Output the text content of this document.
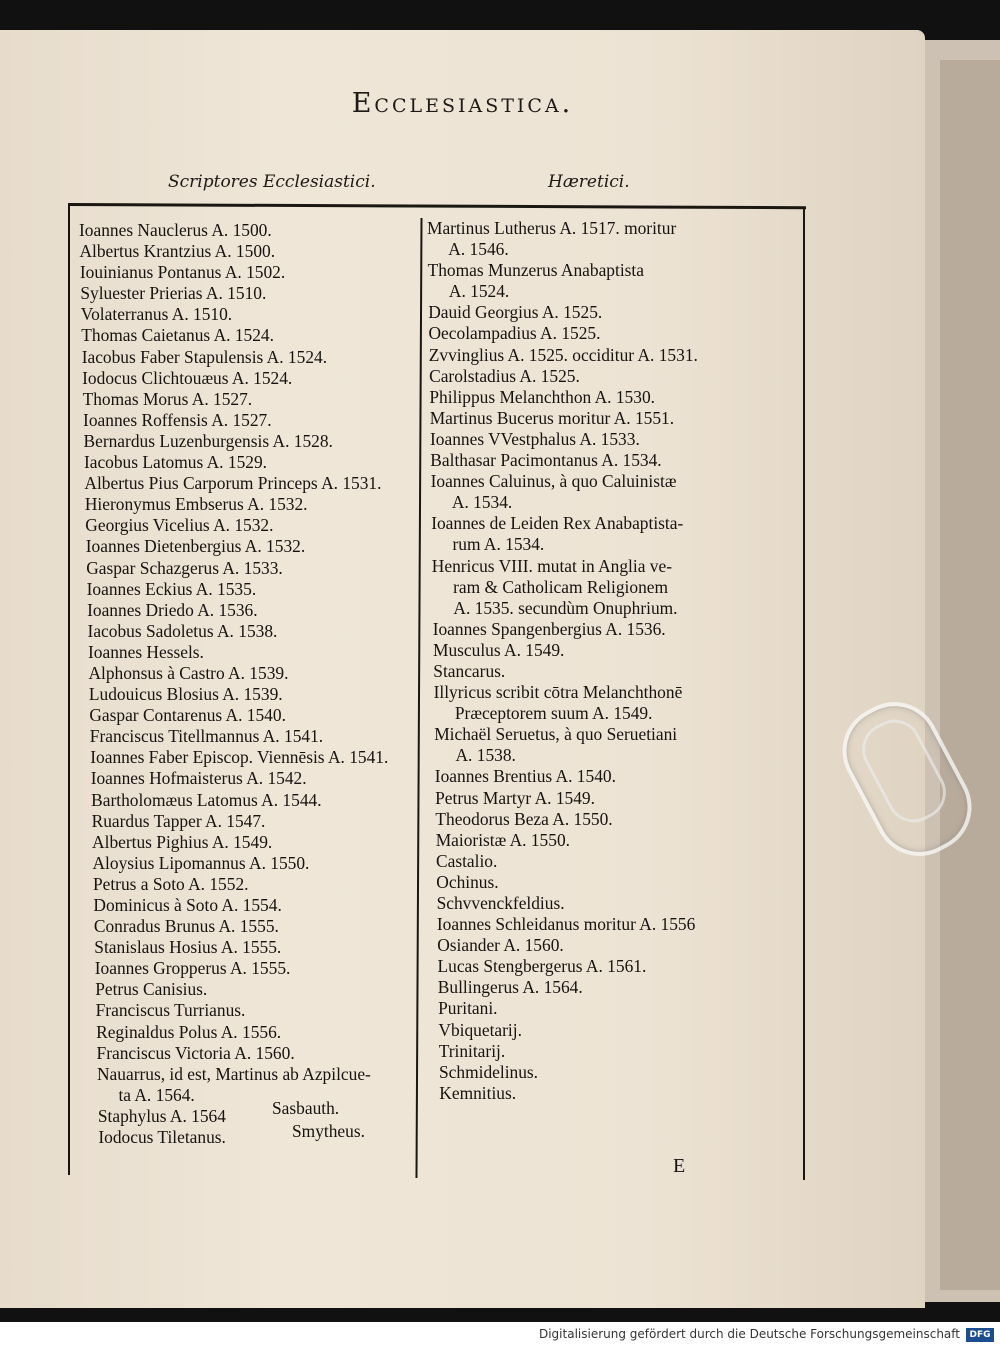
Ecclesiastica.
Scriptores Ecclesiastici.	Hæretici.
Ioannes Nauclerus A. 1500.
Albertus Krantzius A. 1500.
Iouinianus Pontanus A. 1502.
Syluester Prierias A. 1510.
Volaterranus A. 1510.
Thomas Caietanus A. 1524.
Iacobus Faber Stapulensis A. 1524.
Iodocus Clichtouæus A. 1524.
Thomas Morus A. 1527.
Ioannes Roffensis A. 1527.
Bernardus Luzenburgensis A. 1528.
Iacobus Latomus A. 1529.
Albertus Pius Carporum Princeps A. 1531.
Hieronymus Embserus A. 1532.
Georgius Vicelius A. 1532.
Ioannes Dietenbergius A. 1532.
Gaspar Schazgerus A. 1533.
Ioannes Eckius A. 1535.
Ioannes Driedo A. 1536.
Iacobus Sadoletus A. 1538.
Ioannes Hessels.
Alphonsus à Castro A. 1539.
Ludouicus Blosius A. 1539.
Gaspar Contarenus A. 1540.
Franciscus Titellmannus A. 1541.
Ioannes Faber Episcop. Viennēsis A. 1541.
Ioannes Hofmaisterus A. 1542.
Bartholomæus Latomus A. 1544.
Ruardus Tapper A. 1547.
Albertus Pighius A. 1549.
Aloysius Lipomannus A. 1550.
Petrus a Soto A. 1552.
Dominicus à Soto A. 1554.
Conradus Brunus A. 1555.
Stanislaus Hosius A. 1555.
Ioannes Gropperus A. 1555.
Petrus Canisius.
Franciscus Turrianus.
Reginaldus Polus A. 1556.
Franciscus Victoria A. 1560.
Nauarrus, id est, Martinus ab Azpilcue-
ta A. 1564.
Staphylus A. 1564
Iodocus Tiletanus.
Martinus Lutherus A. 1517. moritur
A. 1546.
Thomas Munzerus Anabaptista
A. 1524.
Dauid Georgius A. 1525.
Oecolampadius A. 1525.
Zvvinglius A. 1525. occiditur A. 1531.
Carolstadius A. 1525.
Philippus Melanchthon A. 1530.
Martinus Bucerus moritur A. 1551.
Ioannes VVestphalus A. 1533.
Balthasar Pacimontanus A. 1534.
Ioannes Caluinus, à quo Caluinistæ
A. 1534.
Ioannes de Leiden Rex Anabaptista-
rum A. 1534.
Henricus VIII. mutat in Anglia ve-
ram & Catholicam Religionem
A. 1535. secundùm Onuphrium.
Ioannes Spangenbergius A. 1536.
Musculus A. 1549.
Stancarus.
Illyricus scribit cōtra Melanchthonē
Præceptorem suum A. 1549.
Michaël Seruetus, à quo Seruetiani
A. 1538.
Ioannes Brentius A. 1540.
Petrus Martyr A. 1549.
Theodorus Beza A. 1550.
Maioristæ A. 1550.
Castalio.
Ochinus.
Schvvenckfeldius.
Ioannes Schleidanus moritur A. 1556
Osiander A. 1560.
Lucas Stengbergerus A. 1561.
Bullingerus A. 1564.
Puritani.
Vbiquetarij.
Trinitarij.
Schmidelinus.
Kemnitius.
Sasbauth.
Smytheus.
E
Digitalisierung gefördert durch die Deutsche Forschungsgemeinschaft	DFG
